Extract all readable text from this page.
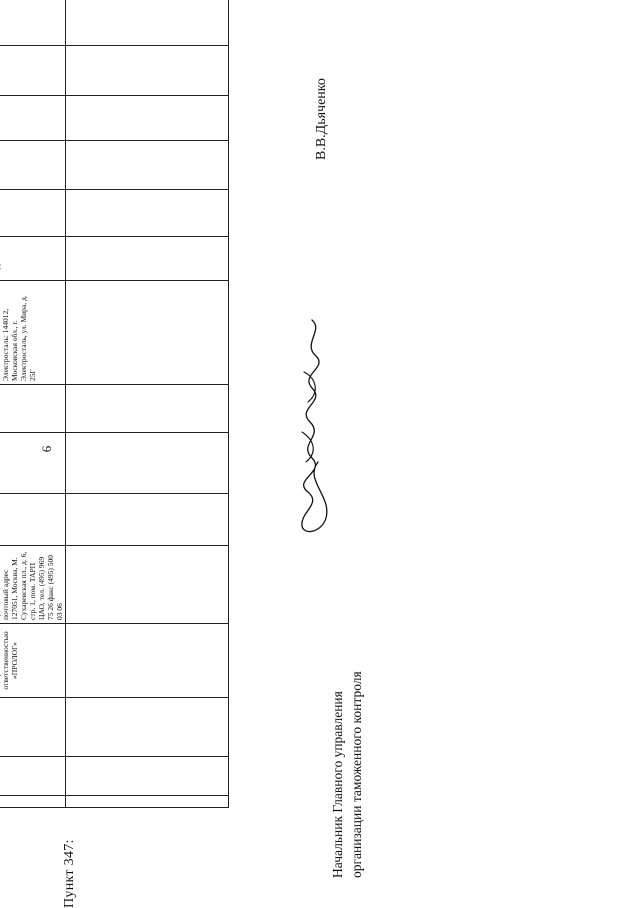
6
Пункт 347:
			ответственностью «ПРОЛОГ»	почтовый адрес 127051, Москва, М. Сухаревская пл., д. 6, стр. 1, пом. ТАРП ЦАО, тел. (495) 969 75 26 факс (495) 500 03 06				Электросталь: 144012, Московская обл., г. Электросталь, ул. Мира, д. 25Г						

Начальник Главного управления организации таможенного контроля
В.В.Дьяченко
